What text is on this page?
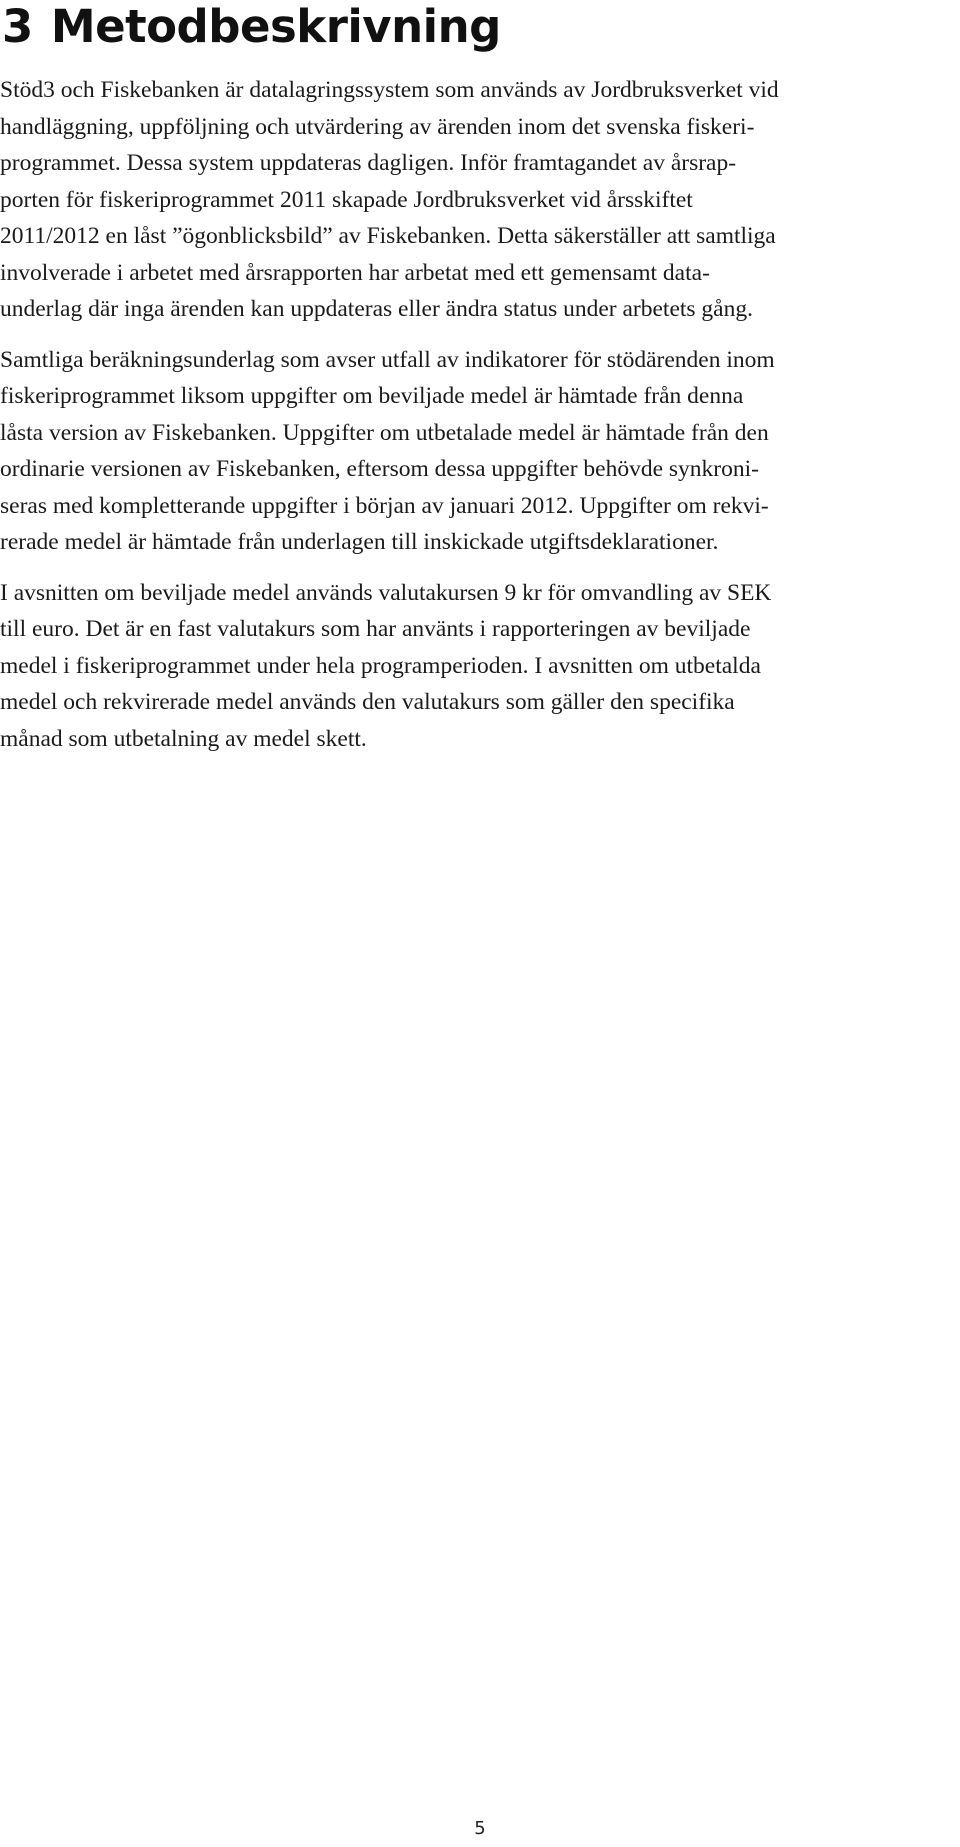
3 Metodbeskrivning

Stöd3 och Fiskebanken är datalagringssystem som används av Jordbruksverket vid
handläggning, uppföljning och utvärdering av ärenden inom det svenska fiskeri-
programmet. Dessa system uppdateras dagligen. Inför framtagandet av årsrap-
porten för fiskeriprogrammet 2011 skapade Jordbruksverket vid årsskiftet
2011/2012 en låst ”ögonblicksbild” av Fiskebanken. Detta säkerställer att samtliga
involverade i arbetet med årsrapporten har arbetat med ett gemensamt data-
underlag där inga ärenden kan uppdateras eller ändra status under arbetets gång.

Samtliga beräkningsunderlag som avser utfall av indikatorer för stödärenden inom
fiskeriprogrammet liksom uppgifter om beviljade medel är hämtade från denna
låsta version av Fiskebanken. Uppgifter om utbetalade medel är hämtade från den
ordinarie versionen av Fiskebanken, eftersom dessa uppgifter behövde synkroni-
seras med kompletterande uppgifter i början av januari 2012. Uppgifter om rekvi-
rerade medel är hämtade från underlagen till inskickade utgiftsdeklarationer.

I avsnitten om beviljade medel används valutakursen 9 kr för omvandling av SEK
till euro. Det är en fast valutakurs som har använts i rapporteringen av beviljade
medel i fiskeriprogrammet under hela programperioden. I avsnitten om utbetalda
medel och rekvirerade medel används den valutakurs som gäller den specifika
månad som utbetalning av medel skett.

5
